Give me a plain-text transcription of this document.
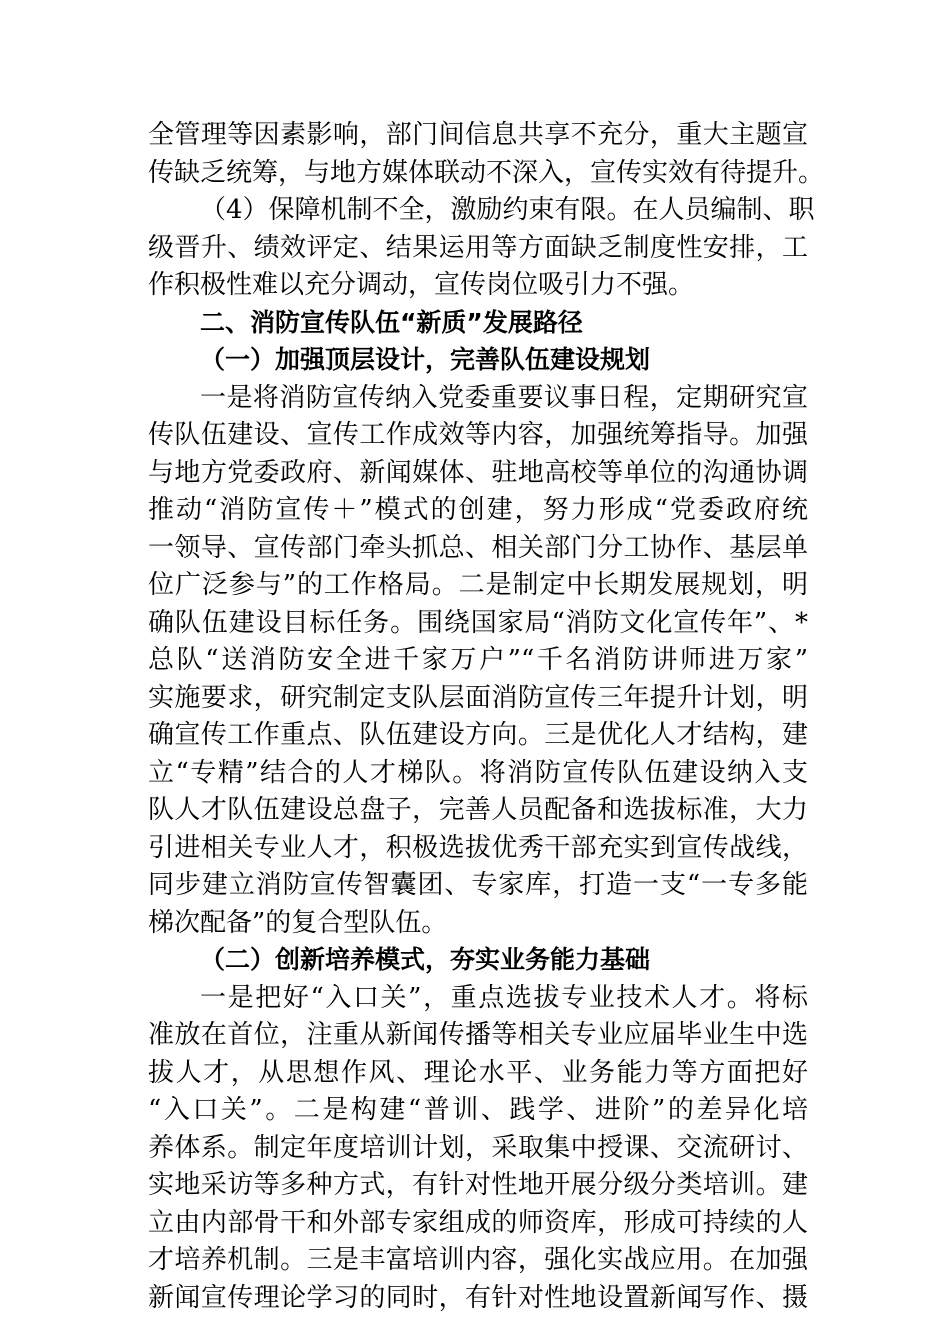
全管理等因素影响，部门间信息共享不充分，重大主题宣

传缺乏统筹，与地方媒体联动不深入，宣传实效有待提升。

（4）保障机制不全，激励约束有限。在人员编制、职

级晋升、绩效评定、结果运用等方面缺乏制度性安排，工

作积极性难以充分调动，宣传岗位吸引力不强。

二、消防宣传队伍“新质”发展路径

（一）加强顶层设计，完善队伍建设规划

一是将消防宣传纳入党委重要议事日程，定期研究宣

传队伍建设、宣传工作成效等内容，加强统筹指导。加强

与地方党委政府、新闻媒体、驻地高校等单位的沟通协调

推动“消防宣传＋”模式的创建，努力形成“党委政府统

一领导、宣传部门牵头抓总、相关部门分工协作、基层单

位广泛参与”的工作格局。二是制定中长期发展规划，明

确队伍建设目标任务。围绕国家局“消防文化宣传年”、*

总队“送消防安全进千家万户”“千名消防讲师进万家”

实施要求，研究制定支队层面消防宣传三年提升计划，明

确宣传工作重点、队伍建设方向。三是优化人才结构，建

立“专精”结合的人才梯队。将消防宣传队伍建设纳入支

队人才队伍建设总盘子，完善人员配备和选拔标准，大力

引进相关专业人才，积极选拔优秀干部充实到宣传战线，

同步建立消防宣传智囊团、专家库，打造一支“一专多能

梯次配备”的复合型队伍。

（二）创新培养模式，夯实业务能力基础

一是把好“入口关”，重点选拔专业技术人才。将标

准放在首位，注重从新闻传播等相关专业应届毕业生中选

拔人才，从思想作风、理论水平、业务能力等方面把好

“入口关”。二是构建“普训、践学、进阶”的差异化培

养体系。制定年度培训计划，采取集中授课、交流研讨、

实地采访等多种方式，有针对性地开展分级分类培训。建

立由内部骨干和外部专家组成的师资库，形成可持续的人

才培养机制。三是丰富培训内容，强化实战应用。在加强

新闻宣传理论学习的同时，有针对性地设置新闻写作、摄
